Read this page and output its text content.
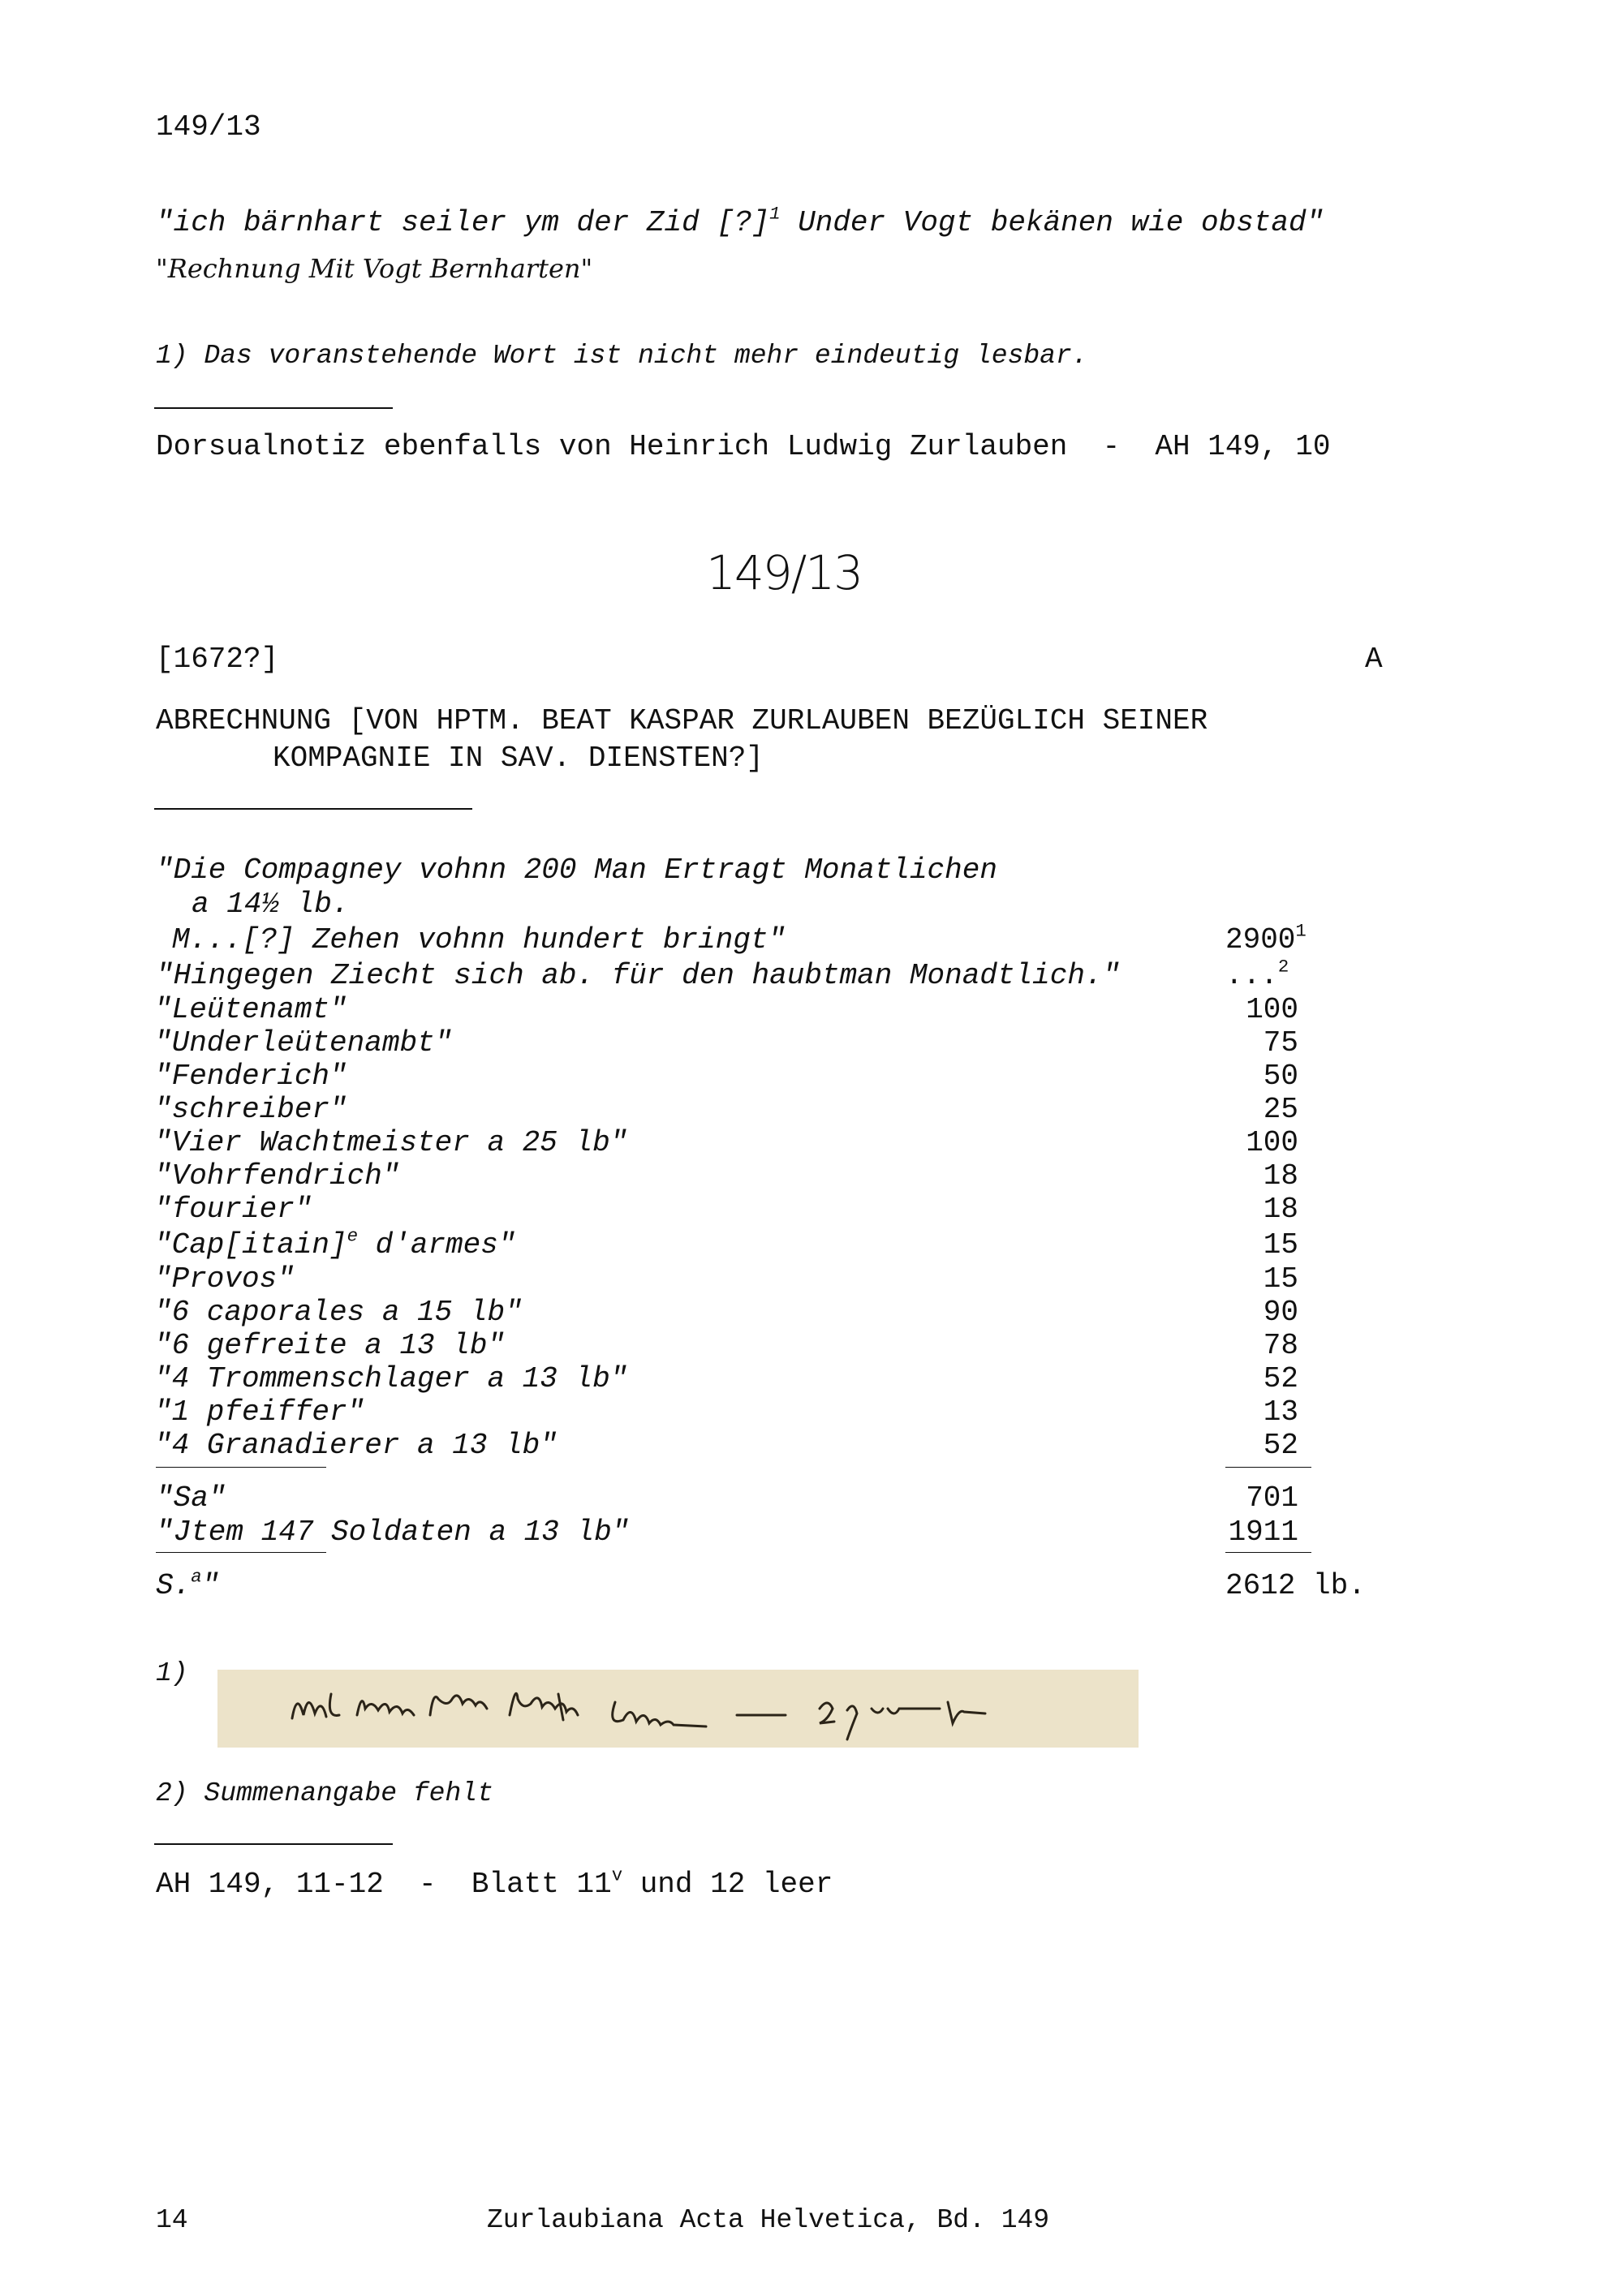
149/13
"ich bärnhart seiler ym der Zid [?]$^1$ Under Vogt bekänen wie obstad"
"Rechnung Mit Vogt Bernharten"
1) Das voranstehende Wort ist nicht mehr eindeutig lesbar.
Dorsualnotiz ebenfalls von Heinrich Ludwig Zurlauben  -  AH 149, 10
149/13
[1672?]	A
ABRECHNUNG [VON HPTM. BEAT KASPAR ZURLAUBEN BEZÜGLICH SEINER
KOMPAGNIE IN SAV. DIENSTEN?]
"Die Compagney vohnn 200 Man Ertragt Monatlichen
a 14½ lb.
M...[?] Zehen vohnn hundert bringt"	2900$^1$
"Hingegen Ziecht sich ab. für den haubtman Monadtlich."	...$^2$
"Leütenamt"	100
"Underleütenambt"	75
"Fenderich"	50
"schreiber"	25
"Vier Wachtmeister a 25 lb"	100
"Vohrfendrich"	18
"fourier"	18
"Cap[itain]$^e$ d'armes"	15
"Provos"	15
"6 caporales a 15 lb"	90
"6 gefreite a 13 lb"	78
"4 Trommenschlager a 13 lb"	52
"1 pfeiffer"	13
"4 Granadierer a 13 lb"	52
"Sa"	701
"Jtem 147 Soldaten a 13 lb"	1911
S.$^a$"	2612 lb.
1)
2) Summenangabe fehlt
AH 149, 11-12  -  Blatt 11$^v$ und 12 leer
14	Zurlaubiana Acta Helvetica, Bd. 149
